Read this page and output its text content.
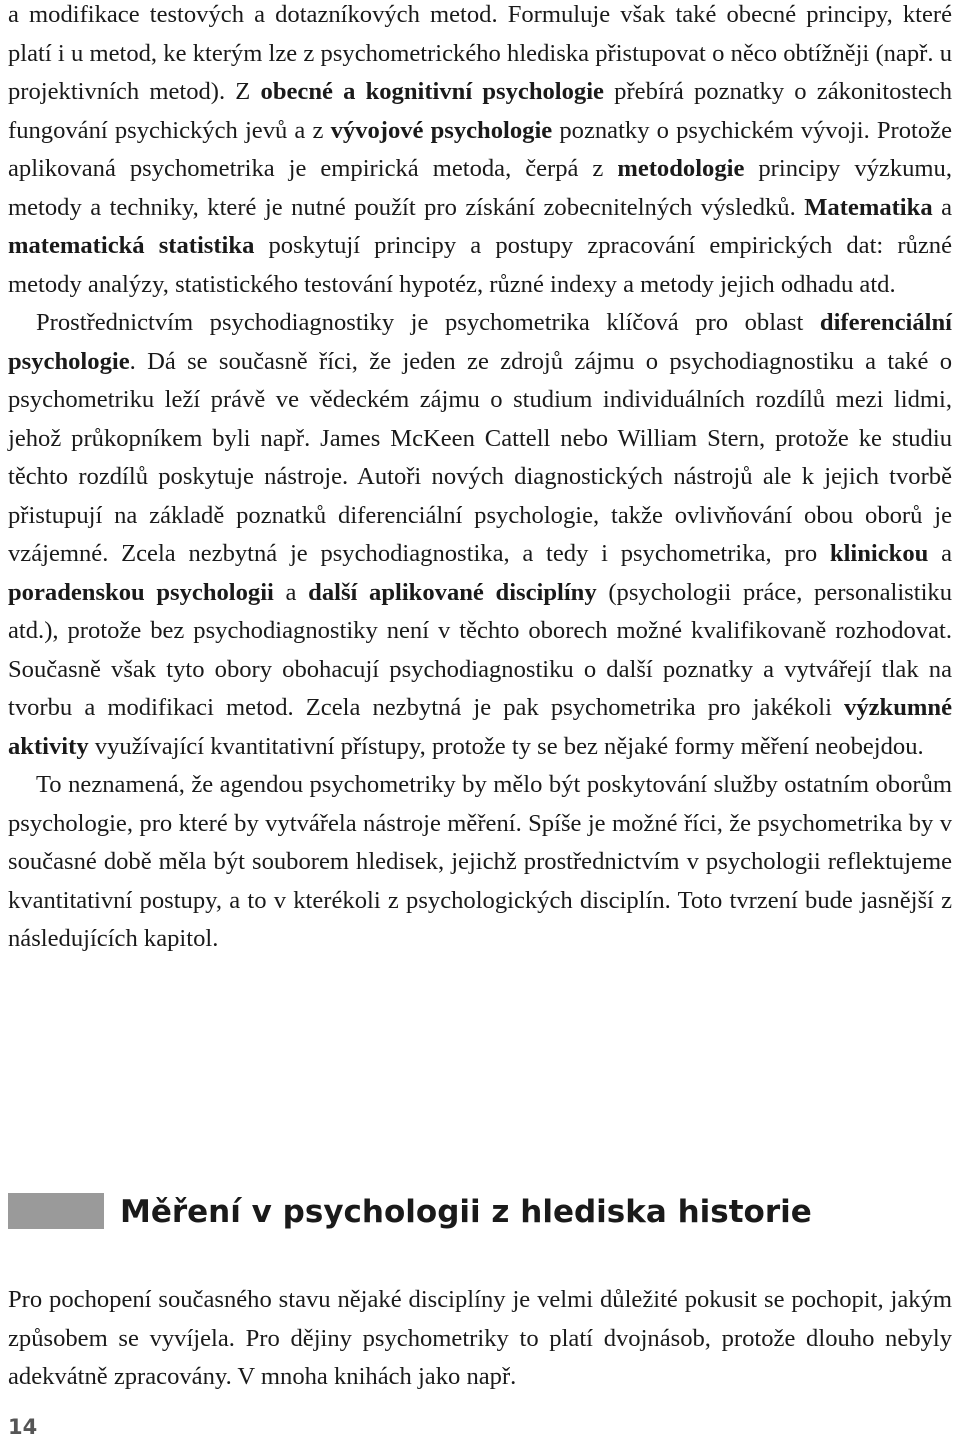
a modifikace testových a dotazníkových metod. Formuluje však také obecné principy, které platí i u metod, ke kterým lze z psychometrického hlediska přistupovat o něco obtížněji (např. u projektivních metod). Z obecné a kognitivní psychologie přebírá poznatky o zákonitostech fungování psychických jevů a z vývojové psychologie poznatky o psychickém vývoji. Protože aplikovaná psychometrika je empirická metoda, čerpá z metodologie principy výzkumu, metody a techniky, které je nutné použít pro získání zobecnitelných výsledků. Matematika a matematická statistika poskytují principy a postupy zpracování empirických dat: různé metody analýzy, statistického testování hypotéz, různé indexy a metody jejich odhadu atd.

Prostřednictvím psychodiagnostiky je psychometrika klíčová pro oblast diferenciální psychologie. Dá se současně říci, že jeden ze zdrojů zájmu o psychodiagnostiku a také o psychometriku leží právě ve vědeckém zájmu o studium individuálních rozdílů mezi lidmi, jehož průkopníkem byli např. James McKeen Cattell nebo William Stern, protože ke studiu těchto rozdílů poskytuje nástroje. Autoři nových diagnostických nástrojů ale k jejich tvorbě přistupují na základě poznatků diferenciální psychologie, takže ovlivňování obou oborů je vzájemné. Zcela nezbytná je psychodiagnostika, a tedy i psychometrika, pro klinickou a poradenskou psychologii a další aplikované disciplíny (psychologii práce, personalistiku atd.), protože bez psychodiagnostiky není v těchto oborech možné kvalifikovaně rozhodovat. Současně však tyto obory obohacují psychodiagnostiku o další poznatky a vytvářejí tlak na tvorbu a modifikaci metod. Zcela nezbytná je pak psychometrika pro jakékoli výzkumné aktivity využívající kvantitativní přístupy, protože ty se bez nějaké formy měření neobejdou.

To neznamená, že agendou psychometriky by mělo být poskytování služby ostatním oborům psychologie, pro které by vytvářela nástroje měření. Spíše je možné říci, že psychometrika by v současné době měla být souborem hledisek, jejichž prostřednictvím v psychologii reflektujeme kvantitativní postupy, a to v kterékoli z psychologických disciplín. Toto tvrzení bude jasnější z následujících kapitol.

Měření v psychologii z hlediska historie

Pro pochopení současného stavu nějaké disciplíny je velmi důležité pokusit se pochopit, jakým způsobem se vyvíjela. Pro dějiny psychometriky to platí dvojnásob, protože dlouho nebyly adekvátně zpracovány. V mnoha knihách jako např.

14
